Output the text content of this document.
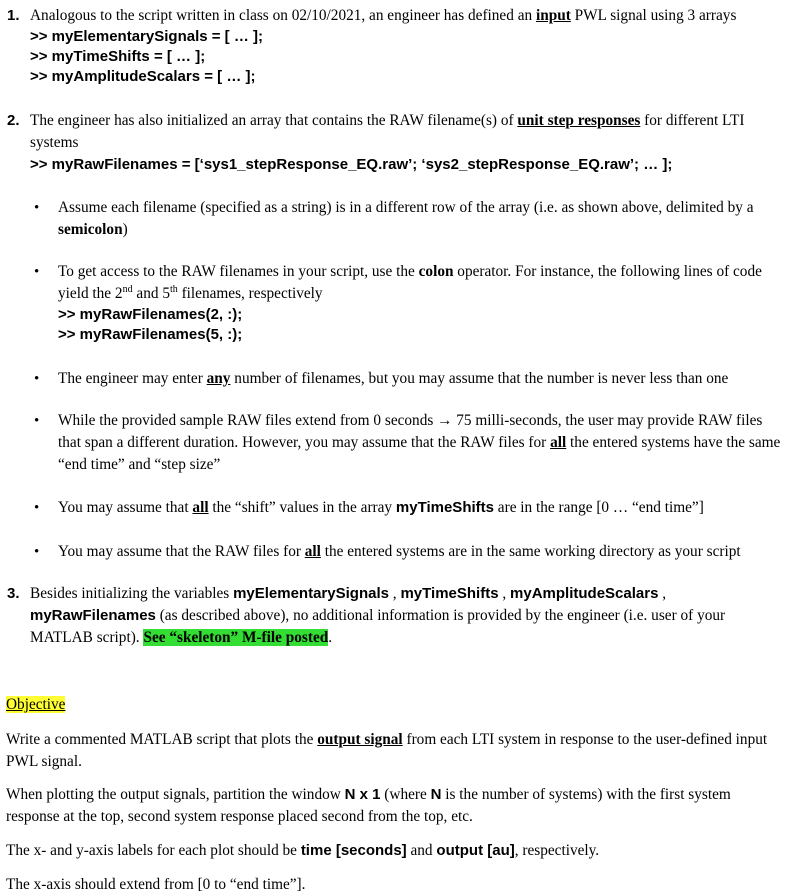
1. Analogous to the script written in class on 02/10/2021, an engineer has defined an input PWL signal using 3 arrays
>> myElementarySignals = [ … ];
>> myTimeShifts = [ … ];
>> myAmplitudeScalars = [ … ];
2. The engineer has also initialized an array that contains the RAW filename(s) of unit step responses for different LTI systems
>> myRawFilenames = [‘sys1_stepResponse_EQ.raw’; ‘sys2_stepResponse_EQ.raw’; … ];
• Assume each filename (specified as a string) is in a different row of the array (i.e. as shown above, delimited by a semicolon)
• To get access to the RAW filenames in your script, use the colon operator. For instance, the following lines of code yield the 2nd and 5th filenames, respectively
>> myRawFilenames(2, :);
>> myRawFilenames(5, :);
• The engineer may enter any number of filenames, but you may assume that the number is never less than one
• While the provided sample RAW files extend from 0 seconds → 75 milli-seconds, the user may provide RAW files that span a different duration. However, you may assume that the RAW files for all the entered systems have the same “end time” and “step size”
• You may assume that all the “shift” values in the array myTimeShifts are in the range [0 … “end time”]
• You may assume that the RAW files for all the entered systems are in the same working directory as your script
3. Besides initializing the variables myElementarySignals , myTimeShifts , myAmplitudeScalars ,
myRawFilenames (as described above), no additional information is provided by the engineer (i.e. user of your MATLAB script). See “skeleton” M-file posted.
Objective
Write a commented MATLAB script that plots the output signal from each LTI system in response to the user-defined input PWL signal.
When plotting the output signals, partition the window N x 1 (where N is the number of systems) with the first system response at the top, second system response placed second from the top, etc.
The x- and y-axis labels for each plot should be time [seconds] and output [au], respectively.
The x-axis should extend from [0 to “end time”].
